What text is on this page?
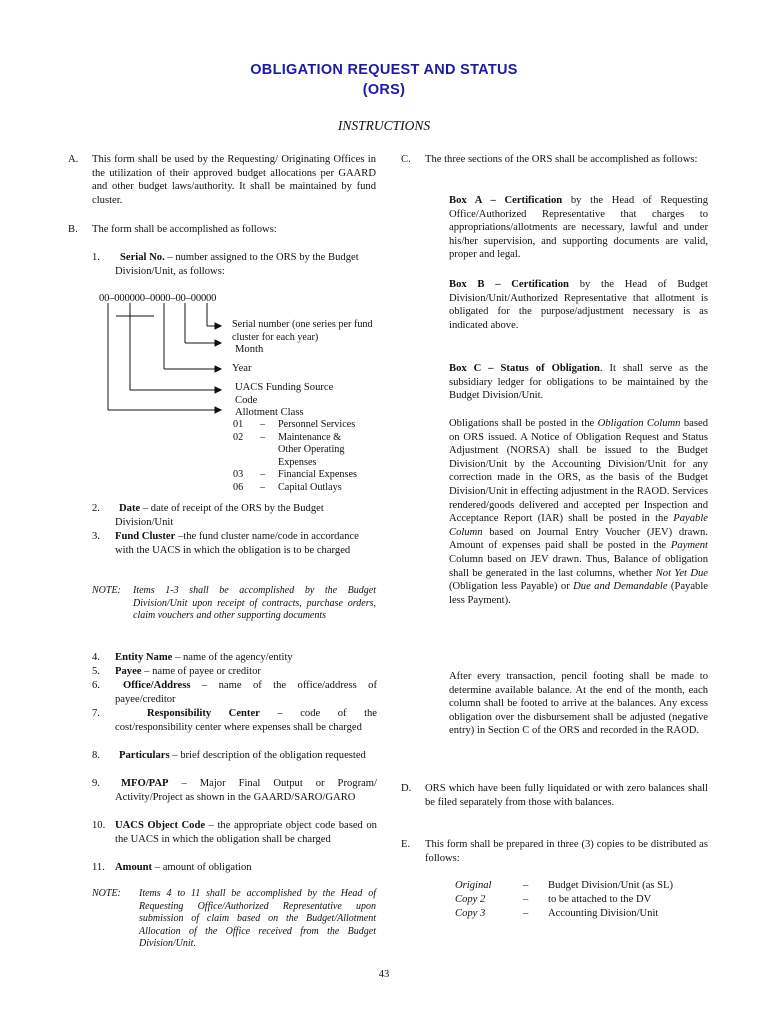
OBLIGATION REQUEST AND STATUS
(ORS)
INSTRUCTIONS
A. This form shall be used by the Requesting/ Originating Offices in the utilization of their approved budget allocations per GAARD and other budget laws/authority. It shall be maintained by fund cluster.
B. The form shall be accomplished as follows:
1.	Serial No. – number assigned to the ORS by the Budget Division/Unit, as follows:
00–000000–0000–00–00000
Serial number (one series per fund cluster for each year)
Month
Year
UACS Funding Source Code
Allotment Class
01	–	Personnel Services
02	–	Maintenance & Other Operating Expenses
03	–	Financial Expenses
06	–	Capital Outlays
2.	Date – date of receipt of the ORS by the Budget Division/Unit
3. Fund Cluster –the fund cluster name/code in accordance with the UACS in which the obligation is to be charged
NOTE: Items 1-3 shall be accomplished by the Budget Division/Unit upon receipt of contracts, purchase orders, claim vouchers and other supporting documents
4. Entity Name – name of the agency/entity
5. Payee – name of payee or creditor
6.	Office/Address – name of the office/address of payee/creditor
7.	Responsibility Center – code of the cost/responsibility center where expenses shall be charged
8.	Particulars – brief description of the obligation requested
9.	MFO/PAP – Major Final Output or Program/ Activity/Project as shown in the GAARD/SARO/GARO
10. UACS Object Code – the appropriate object code based on the UACS in which the obligation shall be charged
11. Amount – amount of obligation
NOTE: Items 4 to 11 shall be accomplished by the Head of Requesting Office/Authorized Representative upon submission of claim based on the Budget/Allotment Allocation of the Office received from the Budget Division/Unit.
C. The three sections of the ORS shall be accomplished as follows:
Box A – Certification by the Head of Requesting Office/Authorized Representative that charges to appropriations/allotments are necessary, lawful and under his/her supervision, and supporting documents are valid, proper and legal.
Box B – Certification by the Head of Budget Division/Unit/Authorized Representative that allotment is obligated for the purpose/adjustment necessary is as indicated above.
Box C – Status of Obligation. It shall serve as the subsidiary ledger for obligations to be maintained by the Budget Division/Unit.
Obligations shall be posted in the Obligation Column based on ORS issued. A Notice of Obligation Request and Status Adjustment (NORSA) shall be issued to the Budget Division/Unit by the Accounting Division/Unit for any correction made in the ORS, as the basis of the Budget Division/Unit in effecting adjustment in the RAOD. Services rendered/goods delivered and accepted per Inspection and Acceptance Report (IAR) shall be posted in the Payable Column based on Journal Entry Voucher (JEV) drawn. Amount of expenses paid shall be posted in the Payment Column based on JEV drawn. Thus, Balance of obligation shall be generated in the last columns, whether Not Yet Due (Obligation less Payable) or Due and Demandable (Payable less Payment).
After every transaction, pencil footing shall be made to determine available balance. At the end of the month, each column shall be footed to arrive at the balances. Any excess obligation over the disbursement shall be adjusted (negative entry) in Section C of the ORS and recorded in the RAOD.
D. ORS which have been fully liquidated or with zero balances shall be filed separately from those with balances.
E. This form shall be prepared in three (3) copies to be distributed as follows:
Original	–	Budget Division/Unit (as SL)
Copy 2	–	to be attached to the DV
Copy 3	–	Accounting Division/Unit
43
